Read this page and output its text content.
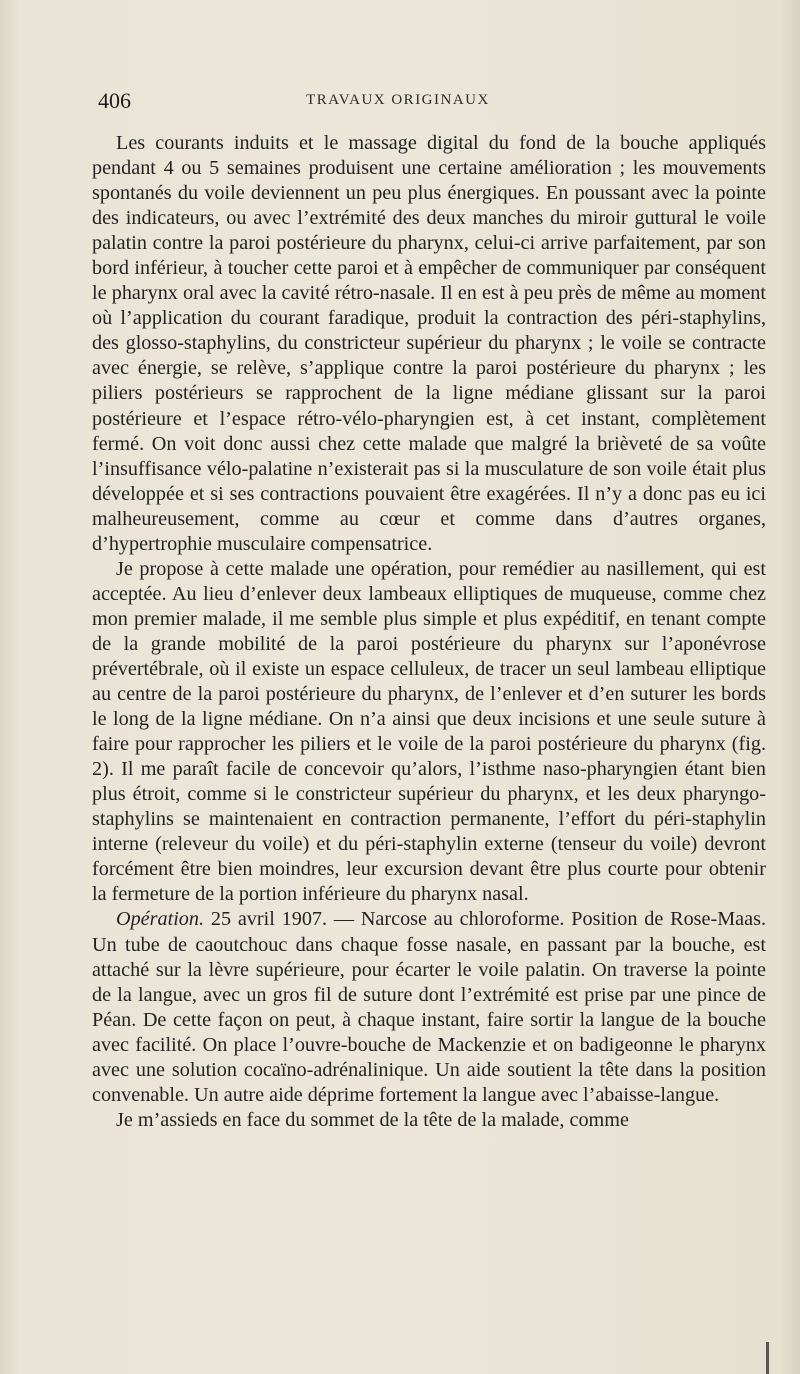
406	TRAVAUX ORIGINAUX

Les courants induits et le massage digital du fond de la bouche appliqués pendant 4 ou 5 semaines produisent une certaine amélioration ; les mouvements spontanés du voile deviennent un peu plus énergiques. En poussant avec la pointe des indicateurs, ou avec l’extrémité des deux manches du miroir guttural le voile palatin contre la paroi postérieure du pharynx, celui-ci arrive parfaitement, par son bord inférieur, à toucher cette paroi et à empêcher de communiquer par conséquent le pharynx oral avec la cavité rétro-nasale. Il en est à peu près de même au moment où l’application du courant faradique, produit la contraction des péri-staphylins, des glosso-staphylins, du constricteur supérieur du pharynx ; le voile se contracte avec énergie, se relève, s’applique contre la paroi postérieure du pharynx ; les piliers postérieurs se rapprochent de la ligne médiane glissant sur la paroi postérieure et l’espace rétro-vélo-pharyngien est, à cet instant, complètement fermé. On voit donc aussi chez cette malade que malgré la brièveté de sa voûte l’insuffisance vélo-palatine n’existerait pas si la musculature de son voile était plus développée et si ses contractions pouvaient être exagérées. Il n’y a donc pas eu ici malheureusement, comme au cœur et comme dans d’autres organes, d’hypertrophie musculaire compensatrice.

Je propose à cette malade une opération, pour remédier au nasillement, qui est acceptée. Au lieu d’enlever deux lambeaux elliptiques de muqueuse, comme chez mon premier malade, il me semble plus simple et plus expéditif, en tenant compte de la grande mobilité de la paroi postérieure du pharynx sur l’aponévrose prévertébrale, où il existe un espace celluleux, de tracer un seul lambeau elliptique au centre de la paroi postérieure du pharynx, de l’enlever et d’en suturer les bords le long de la ligne médiane. On n’a ainsi que deux incisions et une seule suture à faire pour rapprocher les piliers et le voile de la paroi postérieure du pharynx (fig. 2). Il me paraît facile de concevoir qu’alors, l’isthme naso-pharyngien étant bien plus étroit, comme si le constricteur supérieur du pharynx, et les deux pharyngo-staphylins se maintenaient en contraction permanente, l’effort du péri-staphylin interne (releveur du voile) et du péri-staphylin externe (tenseur du voile) devront forcément être bien moindres, leur excursion devant être plus courte pour obtenir la fermeture de la portion inférieure du pharynx nasal.

Opération. 25 avril 1907. — Narcose au chloroforme. Position de Rose-Maas. Un tube de caoutchouc dans chaque fosse nasale, en passant par la bouche, est attaché sur la lèvre supérieure, pour écarter le voile palatin. On traverse la pointe de la langue, avec un gros fil de suture dont l’extrémité est prise par une pince de Péan. De cette façon on peut, à chaque instant, faire sortir la langue de la bouche avec facilité. On place l’ouvre-bouche de Mackenzie et on badigeonne le pharynx avec une solution cocaïno-adrénalinique. Un aide soutient la tête dans la position convenable. Un autre aide déprime fortement la langue avec l’abaisse-langue.

Je m’assieds en face du sommet de la tête de la malade, comme
